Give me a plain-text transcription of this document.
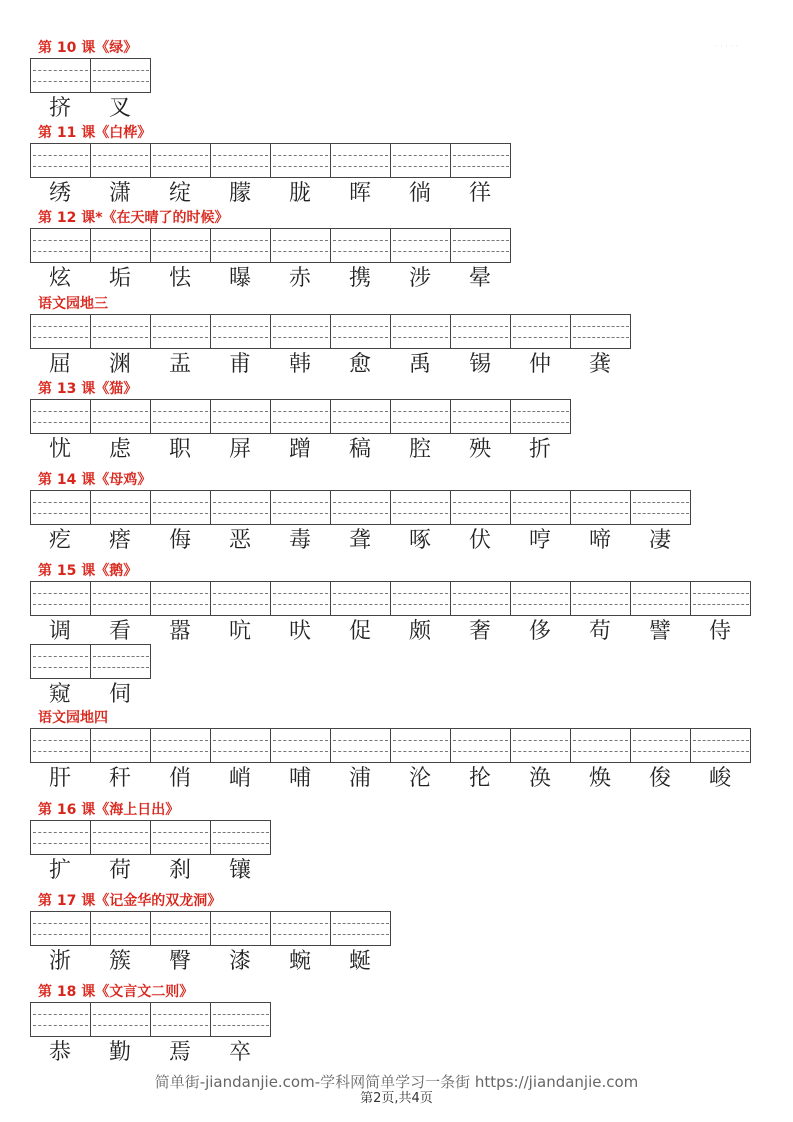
第 10 课《绿》
挤	叉
第 11 课《白桦》
绣	潇	绽	朦	胧	晖	徜	徉
第 12 课*《在天晴了的时候》
炫	垢	怯	曝	赤	携	涉	晕
语文园地三
屈	渊	盂	甫	韩	愈	禹	锡	仲	龚
第 13 课《猫》
忧	虑	职	屏	蹭	稿	腔	殃	折
第 14 课《母鸡》
疙	瘩	侮	恶	毒	聋	啄	伏	哼	啼	凄
第 15 课《鹅》
调	看	嚣	吭	吠	促	颇	奢	侈	苟	譬	侍
窥	伺
语文园地四
肝	秆	俏	峭	哺	浦	沦	抡	涣	焕	俊	峻
第 16 课《海上日出》
扩	荷	刹	镶
第 17 课《记金华的双龙洞》
浙	簇	臀	漆	蜿	蜒
第 18 课《文言文二则》
恭	勤	焉	卒
· · · · ·
简单街-jiandanjie.com-学科网简单学习一条街 https://jiandanjie.com
第2页,共4页
